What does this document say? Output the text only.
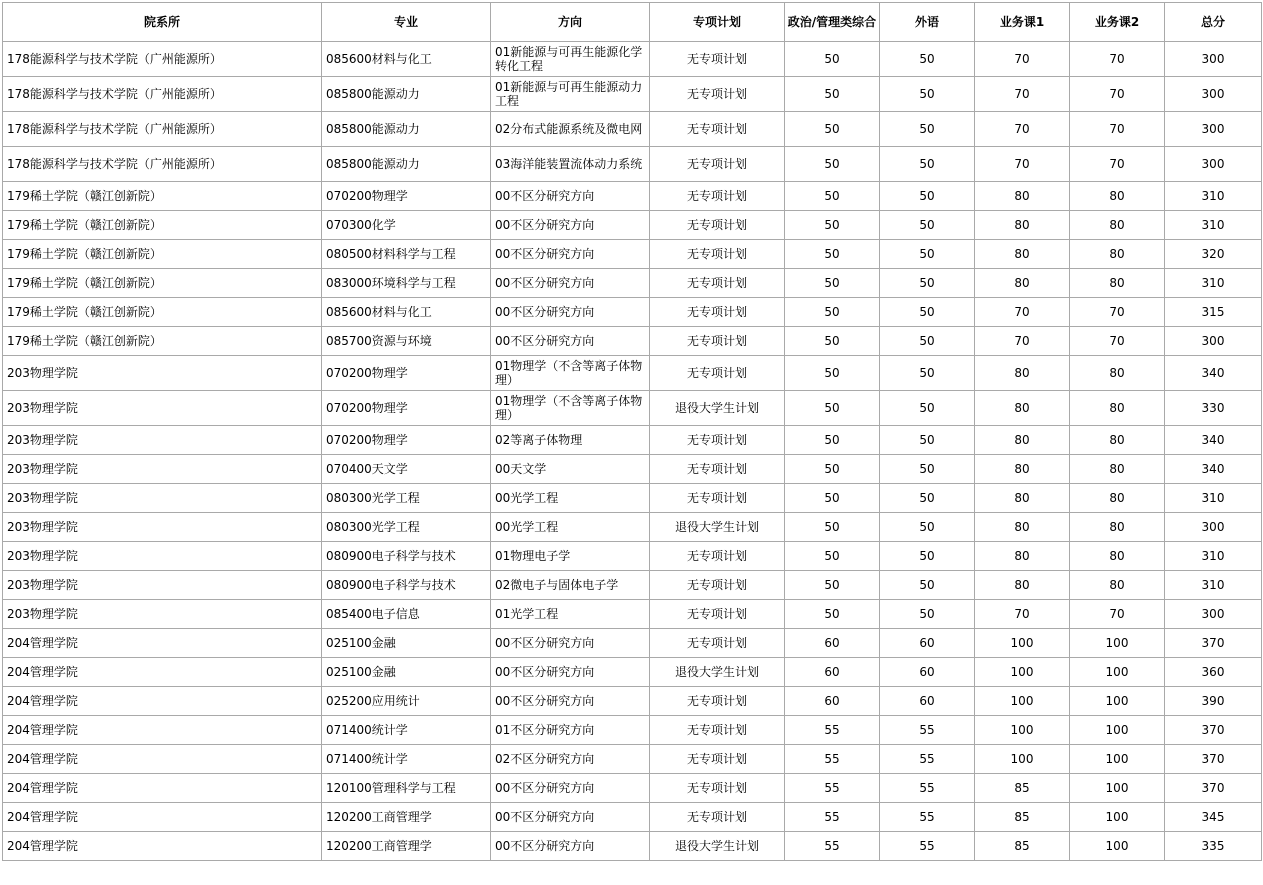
院系所	专业	方向	专项计划	政治/管理类综合	外语	业务课1	业务课2	总分
178能源科学与技术学院（广州能源所）	085600材料与化工	01新能源与可再生能源化学转化工程	无专项计划	50	50	70	70	300
178能源科学与技术学院（广州能源所）	085800能源动力	01新能源与可再生能源动力工程	无专项计划	50	50	70	70	300
178能源科学与技术学院（广州能源所）	085800能源动力	02分布式能源系统及微电网	无专项计划	50	50	70	70	300
178能源科学与技术学院（广州能源所）	085800能源动力	03海洋能装置流体动力系统	无专项计划	50	50	70	70	300
179稀土学院（赣江创新院）	070200物理学	00不区分研究方向	无专项计划	50	50	80	80	310
179稀土学院（赣江创新院）	070300化学	00不区分研究方向	无专项计划	50	50	80	80	310
179稀土学院（赣江创新院）	080500材料科学与工程	00不区分研究方向	无专项计划	50	50	80	80	320
179稀土学院（赣江创新院）	083000环境科学与工程	00不区分研究方向	无专项计划	50	50	80	80	310
179稀土学院（赣江创新院）	085600材料与化工	00不区分研究方向	无专项计划	50	50	70	70	315
179稀土学院（赣江创新院）	085700资源与环境	00不区分研究方向	无专项计划	50	50	70	70	300
203物理学院	070200物理学	01物理学（不含等离子体物理）	无专项计划	50	50	80	80	340
203物理学院	070200物理学	01物理学（不含等离子体物理）	退役大学生计划	50	50	80	80	330
203物理学院	070200物理学	02等离子体物理	无专项计划	50	50	80	80	340
203物理学院	070400天文学	00天文学	无专项计划	50	50	80	80	340
203物理学院	080300光学工程	00光学工程	无专项计划	50	50	80	80	310
203物理学院	080300光学工程	00光学工程	退役大学生计划	50	50	80	80	300
203物理学院	080900电子科学与技术	01物理电子学	无专项计划	50	50	80	80	310
203物理学院	080900电子科学与技术	02微电子与固体电子学	无专项计划	50	50	80	80	310
203物理学院	085400电子信息	01光学工程	无专项计划	50	50	70	70	300
204管理学院	025100金融	00不区分研究方向	无专项计划	60	60	100	100	370
204管理学院	025100金融	00不区分研究方向	退役大学生计划	60	60	100	100	360
204管理学院	025200应用统计	00不区分研究方向	无专项计划	60	60	100	100	390
204管理学院	071400统计学	01不区分研究方向	无专项计划	55	55	100	100	370
204管理学院	071400统计学	02不区分研究方向	无专项计划	55	55	100	100	370
204管理学院	120100管理科学与工程	00不区分研究方向	无专项计划	55	55	85	100	370
204管理学院	120200工商管理学	00不区分研究方向	无专项计划	55	55	85	100	345
204管理学院	120200工商管理学	00不区分研究方向	退役大学生计划	55	55	85	100	335
